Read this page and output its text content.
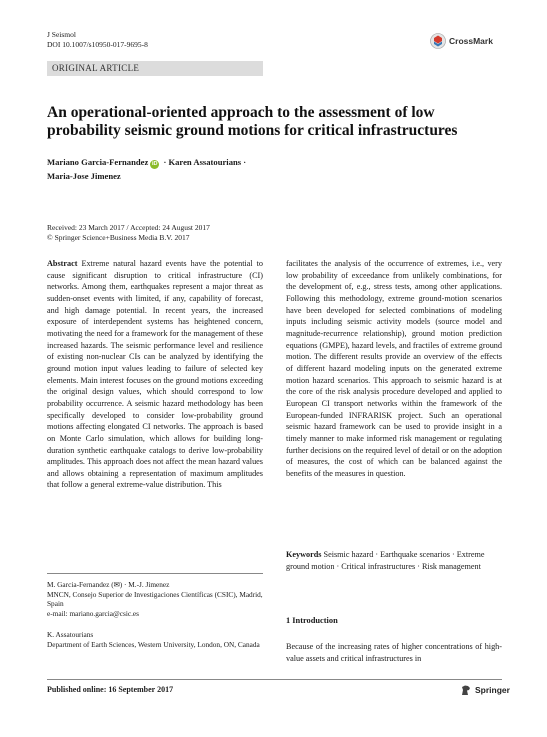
J Seismol
DOI 10.1007/s10950-017-9695-8	CrossMark
ORIGINAL ARTICLE
An operational-oriented approach to the assessment of low
probability seismic ground motions for critical infrastructures
Mariano Garcia-Fernandez iD · Karen Assatourians ·
Maria-Jose Jimenez
Received: 23 March 2017 / Accepted: 24 August 2017
© Springer Science+Business Media B.V. 2017
Abstract Extreme natural hazard events have the potential to cause significant disruption to critical infrastructure (CI) networks. Among them, earthquakes represent a major threat as sudden-onset events with limited, if any, capability of forecast, and high damage potential. In recent years, the increased exposure of interdependent systems has heightened concern, motivating the need for a framework for the management of these increased hazards. The seismic performance level and resilience of existing non-nuclear CIs can be analyzed by identifying the ground motion input values leading to failure of selected key elements. Main interest focuses on the ground motions exceeding the original design values, which should correspond to low probability occurrence. A seismic hazard methodology has been specifically developed to consider low-probability ground motions affecting elongated CI networks. The approach is based on Monte Carlo simulation, which allows for building long-duration synthetic earthquake catalogs to derive low-probability amplitudes. This approach does not affect the mean hazard values and allows obtaining a representation of maximum amplitudes that follow a general extreme-value distribution. This
facilitates the analysis of the occurrence of extremes, i.e., very low probability of exceedance from unlikely combinations, for the development of, e.g., stress tests, among other applications. Following this methodology, extreme ground-motion scenarios have been developed for selected combinations of modeling inputs including seismic activity models (source model and magnitude-recurrence relationship), ground motion prediction equations (GMPE), hazard levels, and fractiles of extreme ground motion. The different results provide an overview of the effects of different hazard modeling inputs on the generated extreme motion hazard scenarios. This approach to seismic hazard is at the core of the risk analysis procedure developed and applied to European CI transport networks within the framework of the European-funded INFRARISK project. Such an operational seismic hazard framework can be used to provide insight in a timely manner to make informed risk management or regulating further decisions on the required level of detail or on the adoption of measures, the cost of which can be balanced against the benefits of the measures in question.
Keywords Seismic hazard · Earthquake scenarios · Extreme ground motion · Critical infrastructures · Risk management
M. Garcia-Fernandez (✉) · M.-J. Jimenez
MNCN, Consejo Superior de Investigaciones Científicas (CSIC), Madrid, Spain
e-mail: mariano.garcia@csic.es
K. Assatourians
Department of Earth Sciences, Western University, London, ON, Canada
1 Introduction
Because of the increasing rates of higher concentrations of high-value assets and critical infrastructures in
Published online: 16 September 2017	Springer
